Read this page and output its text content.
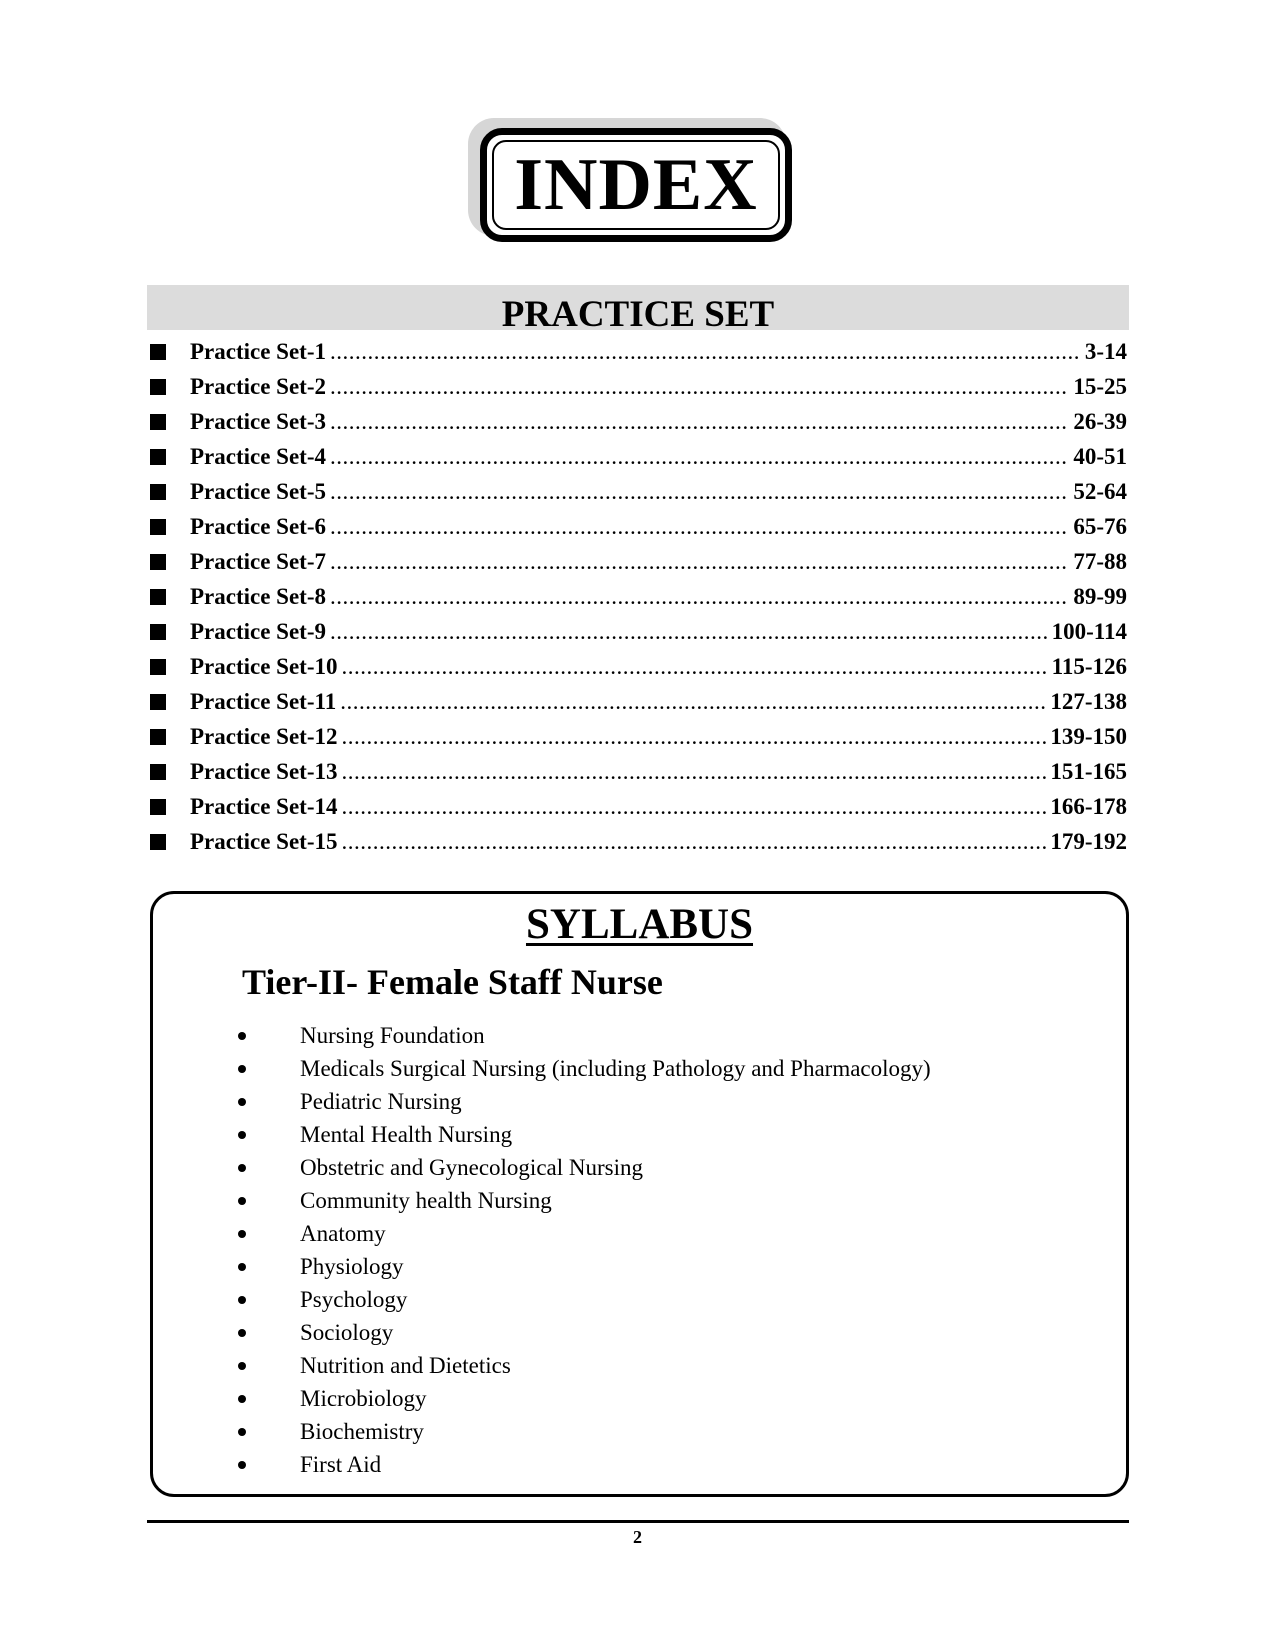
INDEX
PRACTICE SET
Practice Set-1 .....	3-14
Practice Set-2 .....	15-25
Practice Set-3 .....	26-39
Practice Set-4 .....	40-51
Practice Set-5 .....	52-64
Practice Set-6 .....	65-76
Practice Set-7 .....	77-88
Practice Set-8 .....	89-99
Practice Set-9 .....	100-114
Practice Set-10 .....	115-126
Practice Set-11 .....	127-138
Practice Set-12 .....	139-150
Practice Set-13 .....	151-165
Practice Set-14 .....	166-178
Practice Set-15 .....	179-192
SYLLABUS
Tier-II- Female Staff Nurse
Nursing Foundation
Medicals Surgical Nursing (including Pathology and Pharmacology)
Pediatric Nursing
Mental Health Nursing
Obstetric and Gynecological Nursing
Community health Nursing
Anatomy
Physiology
Psychology
Sociology
Nutrition and Dietetics
Microbiology
Biochemistry
First Aid
2
